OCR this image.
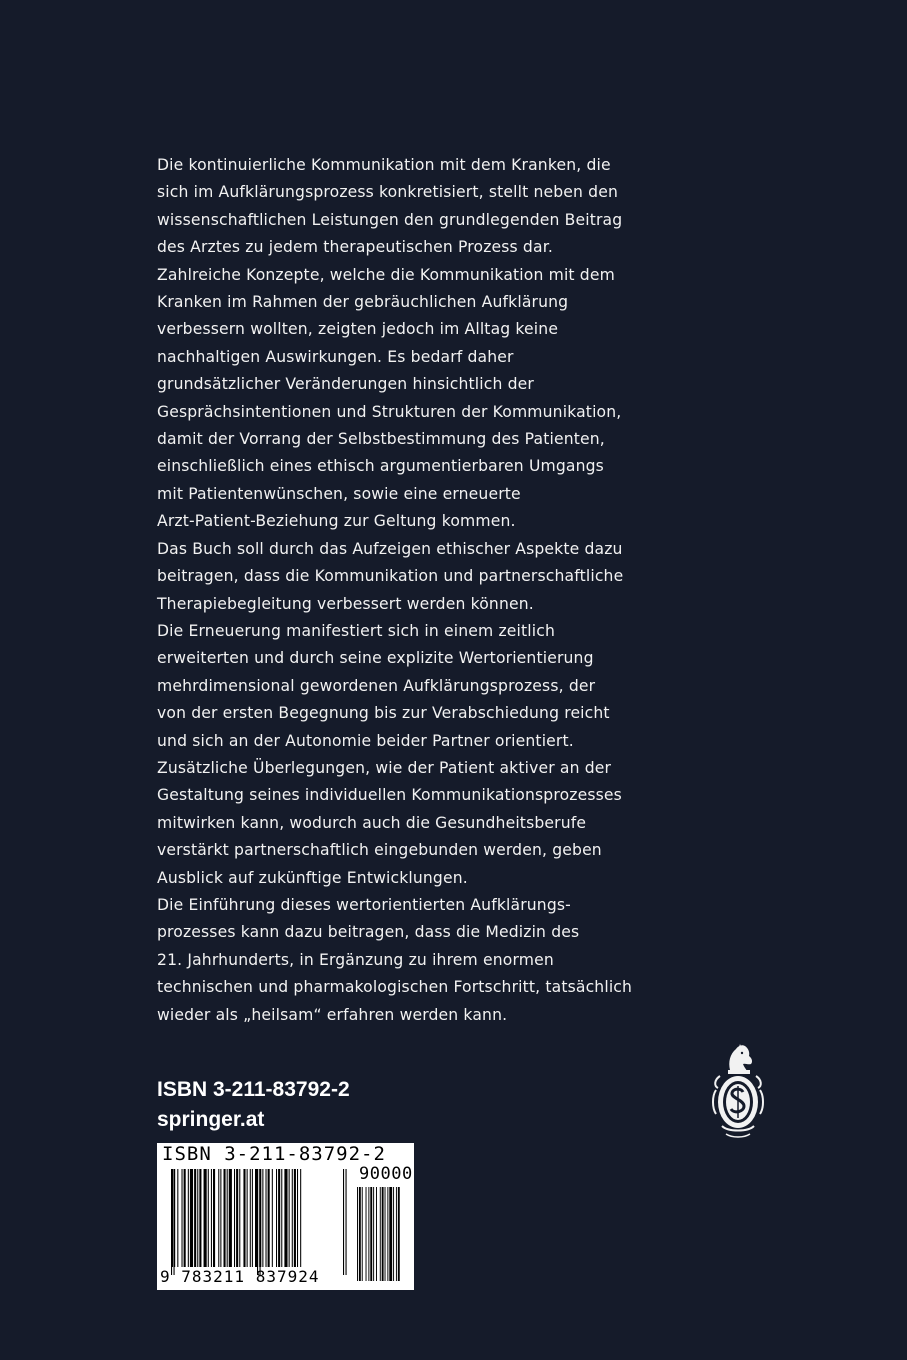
Die kontinuierliche Kommunikation mit dem Kranken, die
sich im Aufklärungsprozess konkretisiert, stellt neben den
wissenschaftlichen Leistungen den grundlegenden Beitrag
des Arztes zu jedem therapeutischen Prozess dar.
Zahlreiche Konzepte, welche die Kommunikation mit dem
Kranken im Rahmen der gebräuchlichen Aufklärung
verbessern wollten, zeigten jedoch im Alltag keine
nachhaltigen Auswirkungen. Es bedarf daher
grundsätzlicher Veränderungen hinsichtlich der
Gesprächsintentionen und Strukturen der Kommunikation,
damit der Vorrang der Selbstbestimmung des Patienten,
einschließlich eines ethisch argumentierbaren Umgangs
mit Patientenwünschen, sowie eine erneuerte
Arzt-Patient-Beziehung zur Geltung kommen.
Das Buch soll durch das Aufzeigen ethischer Aspekte dazu
beitragen, dass die Kommunikation und partnerschaftliche
Therapiebegleitung verbessert werden können.
Die Erneuerung manifestiert sich in einem zeitlich
erweiterten und durch seine explizite Wertorientierung
mehrdimensional gewordenen Aufklärungsprozess, der
von der ersten Begegnung bis zur Verabschiedung reicht
und sich an der Autonomie beider Partner orientiert.
Zusätzliche Überlegungen, wie der Patient aktiver an der
Gestaltung seines individuellen Kommunikationsprozesses
mitwirken kann, wodurch auch die Gesundheitsberufe
verstärkt partnerschaftlich eingebunden werden, geben
Ausblick auf zukünftige Entwicklungen.
Die Einführung dieses wertorientierten Aufklärungs-
prozesses kann dazu beitragen, dass die Medizin des
21. Jahrhunderts, in Ergänzung zu ihrem enormen
technischen und pharmakologischen Fortschritt, tatsächlich
wieder als „heilsam“ erfahren werden kann.
ISBN 3-211-83792-2
springer.at
ISBN 3-211-83792-2
90000
9 783211 837924
